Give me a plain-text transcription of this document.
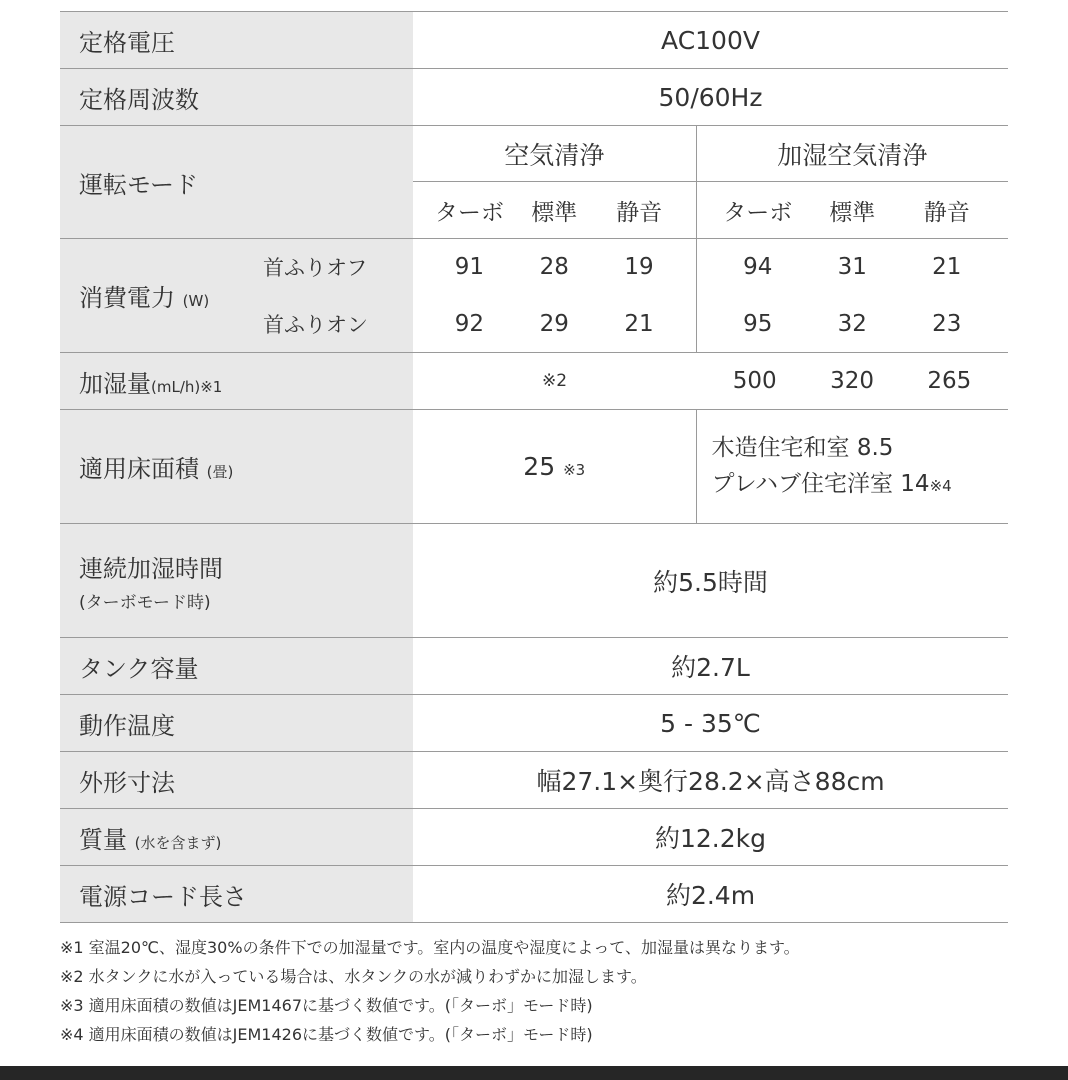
定格電圧		AC100V	
定格周波数		50/60Hz	
運転モード		空気清浄	加湿空気清浄

		ターボ 標準 静音	ターボ 標準 静音

消費電力 (W)	首ふりオフ	91 28 19	94 31 21

	首ふりオン	92 29 21	95 32 23

加湿量(mL/h)※1		※2	500 320 265

適用床面積 (畳)		25 ※3	木造住宅和室 8.5
プレハブ住宅洋室 14※4

連続加湿時間
(ターボモード時)		約5.5時間	
タンク容量		約2.7L	
動作温度		5 - 35℃	
外形寸法		幅27.1×奥行28.2×高さ88cm	
質量 (水を含まず)		約12.2kg	
電源コード長さ		約2.4m	
※1 室温20℃、湿度30%の条件下での加湿量です。室内の温度や湿度によって、加湿量は異なります。
※2 水タンクに水が入っている場合は、水タンクの水が減りわずかに加湿します。
※3 適用床面積の数値はJEM1467に基づく数値です。(「ターボ」モード時)
※4 適用床面積の数値はJEM1426に基づく数値です。(「ターボ」モード時)
